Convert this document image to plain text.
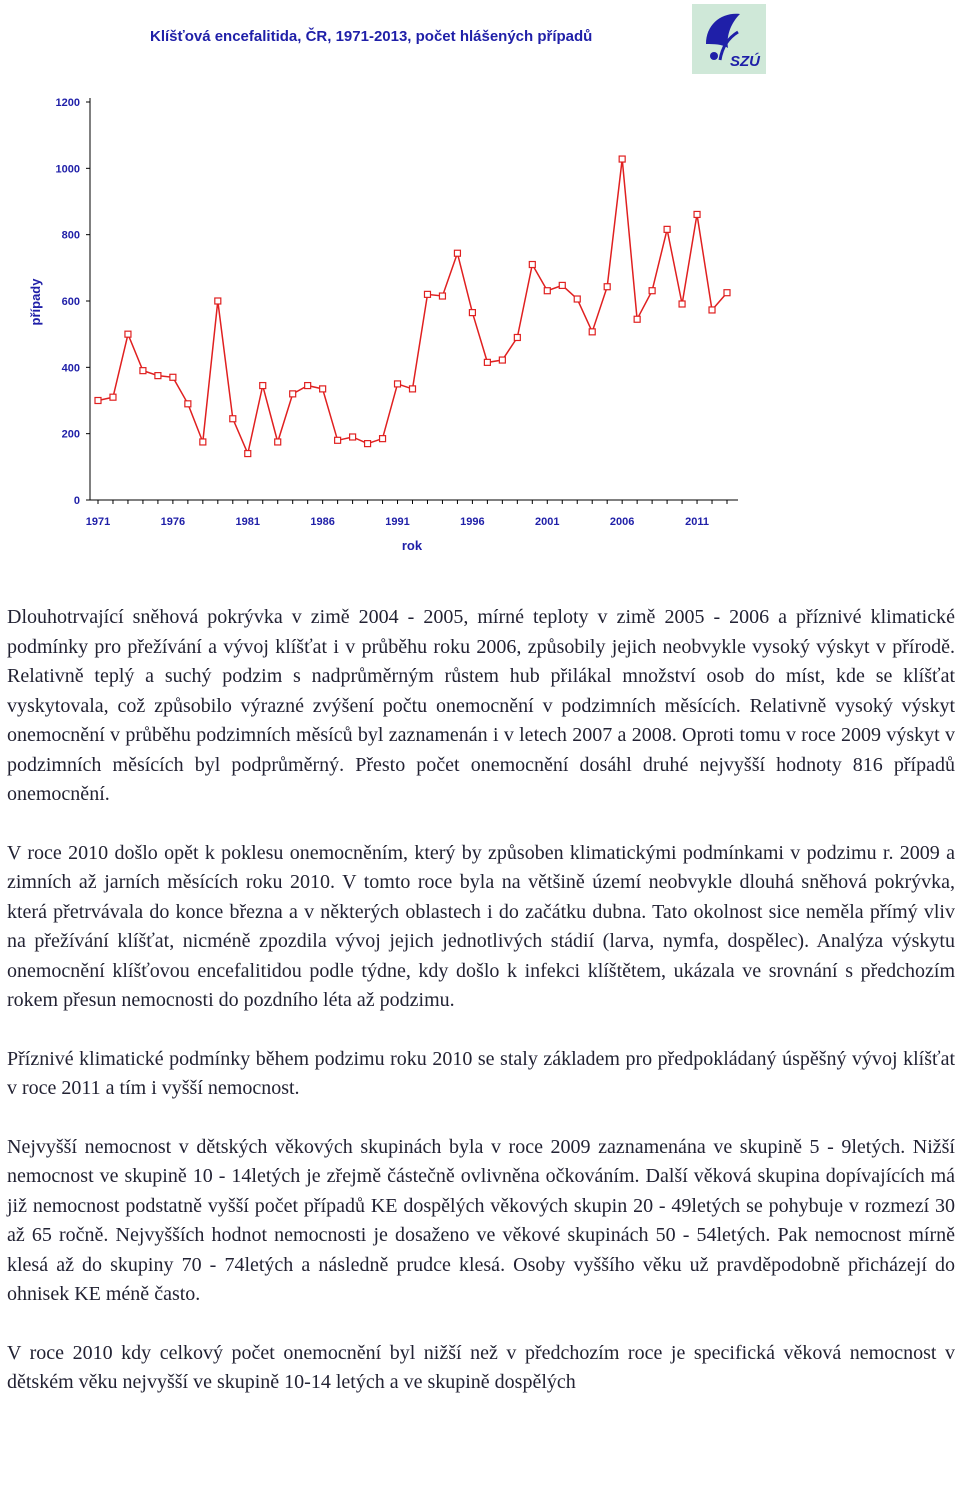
Klíšťová encefalitida, ČR, 1971-2013, počet hlášených případů
SZÚ
0
200
400
600
800
1000
1200
1971	1976	1981	1986	1991	1996	2001	2006	2011
případy
rok

Dlouhotrvající sněhová pokrývka v zimě 2004 - 2005, mírné teploty v zimě 2005 - 2006 a příznivé klimatické podmínky pro přežívání a vývoj klíšťat i v průběhu roku 2006, způsobily jejich neobvykle vysoký výskyt v přírodě. Relativně teplý a suchý podzim s nadprůměrným růstem hub přilákal množství osob do míst, kde se klíšťat vyskytovala, což způsobilo výrazné zvýšení počtu onemocnění v podzimních měsících. Relativně vysoký výskyt onemocnění v průběhu podzimních měsíců byl zaznamenán i v letech 2007 a 2008. Oproti tomu v roce 2009 výskyt v podzimních měsících byl podprůměrný. Přesto počet onemocnění dosáhl druhé nejvyšší hodnoty 816 případů onemocnění.

V roce 2010 došlo opět k poklesu onemocněním, který by způsoben klimatickými podmínkami v podzimu r. 2009 a zimních až jarních měsících roku 2010. V tomto roce byla na většině území neobvykle dlouhá sněhová pokrývka, která přetrvávala do konce března a v některých oblastech i do začátku dubna. Tato okolnost sice neměla přímý vliv na přežívání klíšťat, nicméně zpozdila vývoj jejich jednotlivých stádií (larva, nymfa, dospělec). Analýza výskytu onemocnění klíšťovou encefalitidou podle týdne, kdy došlo k infekci klíštětem, ukázala ve srovnání s předchozím rokem přesun nemocnosti do pozdního léta až podzimu.

Příznivé klimatické podmínky během podzimu roku 2010 se staly základem pro předpokládaný úspěšný vývoj klíšťat v roce 2011 a tím i vyšší nemocnost.

Nejvyšší nemocnost v dětských věkových skupinách byla v roce 2009 zaznamenána ve skupině 5 - 9letých. Nižší nemocnost ve skupině 10 - 14letých je zřejmě částečně ovlivněna očkováním. Další věková skupina dopívajících má již nemocnost podstatně vyšší počet případů KE dospělých věkových skupin 20 - 49letých se pohybuje v rozmezí 30 až 65 ročně. Nejvyšších hodnot nemocnosti je dosaženo ve věkové skupinách 50 - 54letých. Pak nemocnost mírně klesá až do skupiny 70 - 74letých a následně prudce klesá. Osoby vyššího věku už pravděpodobně přicházejí do ohnisek KE méně často.

V roce 2010 kdy celkový počet onemocnění byl nižší než v předchozím roce je specifická věková nemocnost v dětském věku nejvyšší ve skupině 10-14 letých a ve skupině dospělých
